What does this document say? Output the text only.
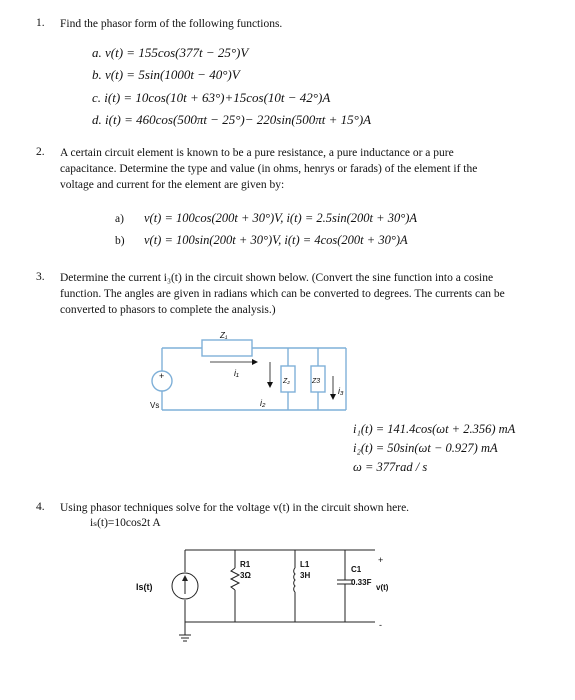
1. Find the phasor form of the following functions.
a. v(t) = 155cos(377t − 25°)V
b. v(t) = 5sin(1000t − 40°)V
c. i(t) = 10cos(10t + 63°)+15cos(10t − 42°)A
d. i(t) = 460cos(500πt − 25°)− 220sin(500πt + 15°)A
2. A certain circuit element is known to be a pure resistance, a pure inductance or a pure
capacitance. Determine the type and value (in ohms, henrys or farads) of the element if the
voltage and current for the element are given by:
a) v(t) = 100cos(200t + 30°)V, i(t) = 2.5sin(200t + 30°)A
b) v(t) = 100sin(200t + 30°)V, i(t) = 4cos(200t + 30°)A
3. Determine the current i₃(t) in the circuit shown below. (Convert the sine function into a cosine
function. The angles are given in radians which can be converted to degrees. The currents can be
converted to phasors to complete the analysis.)
+
Vs
Z₁
Z₂	Z3
i₁
i₂
i₃
i₁(t) = 141.4cos(ωt + 2.356) mA
i₂(t) = 50sin(ωt − 0.927) mA
ω = 377rad / s
4. Using phasor techniques solve for the voltage v(t) in the circuit shown here.
iₛ(t)=10cos2t A
Is(t)
R1
3Ω
L1
3H
C1
0.33F
+
v(t)
-
